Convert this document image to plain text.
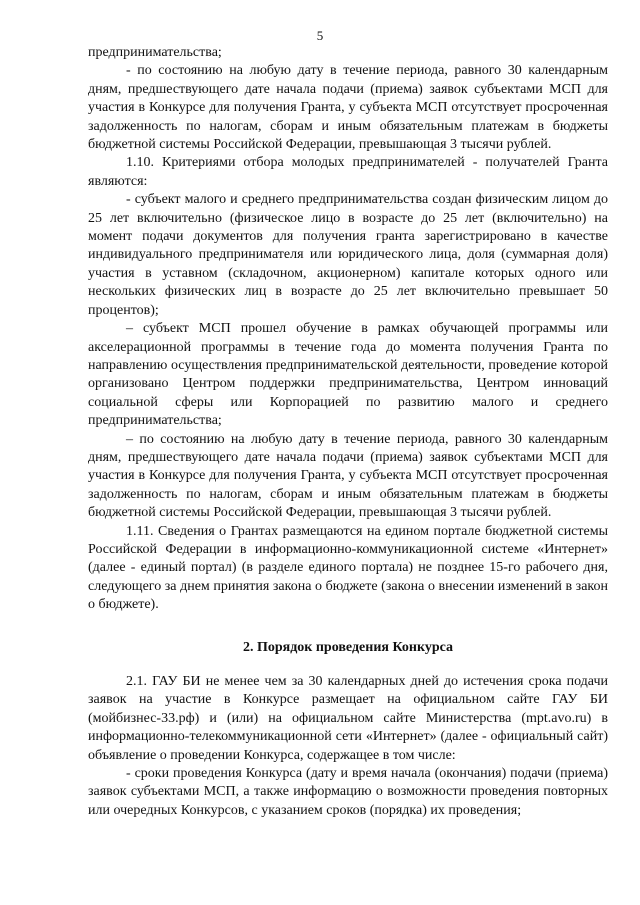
5

предпринимательства;

- по состоянию на любую дату в течение периода, равного 30 календарным дням, предшествующего дате начала подачи (приема) заявок субъектами МСП для участия в Конкурсе для получения Гранта, у субъекта МСП отсутствует просроченная задолженность по налогам, сборам и иным обязательным платежам в бюджеты бюджетной системы Российской Федерации, превышающая 3 тысячи рублей.

1.10. Критериями отбора молодых предпринимателей - получателей Гранта являются:

- субъект малого и среднего предпринимательства создан физическим лицом до 25 лет включительно (физическое лицо в возрасте до 25 лет (включительно) на момент подачи документов для получения гранта зарегистрировано в качестве индивидуального предпринимателя или юридического лица, доля (суммарная доля) участия в уставном (складочном, акционерном) капитале которых одного или нескольких физических лиц в возрасте до 25 лет включительно превышает 50 процентов);

– субъект МСП прошел обучение в рамках обучающей программы или акселерационной программы в течение года до момента получения Гранта по направлению осуществления предпринимательской деятельности, проведение которой организовано Центром поддержки предпринимательства, Центром инноваций социальной сферы или Корпорацией по развитию малого и среднего предпринимательства;

– по состоянию на любую дату в течение периода, равного 30 календарным дням, предшествующего дате начала подачи (приема) заявок субъектами МСП для участия в Конкурсе для получения Гранта, у субъекта МСП отсутствует просроченная задолженность по налогам, сборам и иным обязательным платежам в бюджеты бюджетной системы Российской Федерации, превышающая 3 тысячи рублей.

1.11. Сведения о Грантах размещаются на едином портале бюджетной системы Российской Федерации в информационно-коммуникационной системе «Интернет» (далее - единый портал) (в разделе единого портала) не позднее 15-го рабочего дня, следующего за днем принятия закона о бюджете (закона о внесении изменений в закон о бюджете).

2. Порядок проведения Конкурса

2.1. ГАУ БИ не менее чем за 30 календарных дней до истечения срока подачи заявок на участие в Конкурсе размещает на официальном сайте ГАУ БИ (мойбизнес-33.рф) и (или) на официальном сайте Министерства (mpt.avo.ru) в информационно-телекоммуникационной сети «Интернет» (далее - официальный сайт) объявление о проведении Конкурса, содержащее в том числе:

- сроки проведения Конкурса (дату и время начала (окончания) подачи (приема) заявок субъектами МСП, а также информацию о возможности проведения повторных или очередных Конкурсов, с указанием сроков (порядка) их проведения;
